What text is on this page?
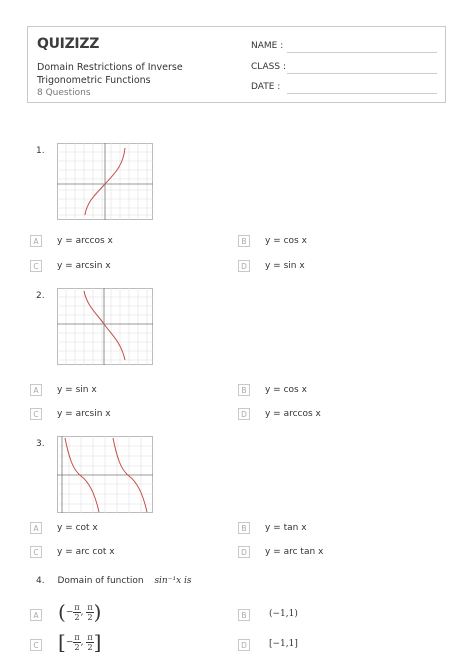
QUIZIZZ
Domain Restrictions of Inverse Trigonometric Functions
8 Questions
NAME :
CLASS :
DATE :
1.
A	y = arccos x	B	y = cos x
C	y = arcsin x	D	y = sin x
2.
A	y = sin x	B	y = cos x
C	y = arcsin x	D	y = arccos x
3.
A	y = cot x	B	y = tan x
C	y = arc cot x	D	y = arc tan x
4. Domain of function sin⁻¹x is
A (− $\frac{\pi}{2}$ , $\frac{\pi}{2}$ )	B	(−1,1)
C [− $\frac{\pi}{2}$ , $\frac{\pi}{2}$ ]	D	[−1,1]
